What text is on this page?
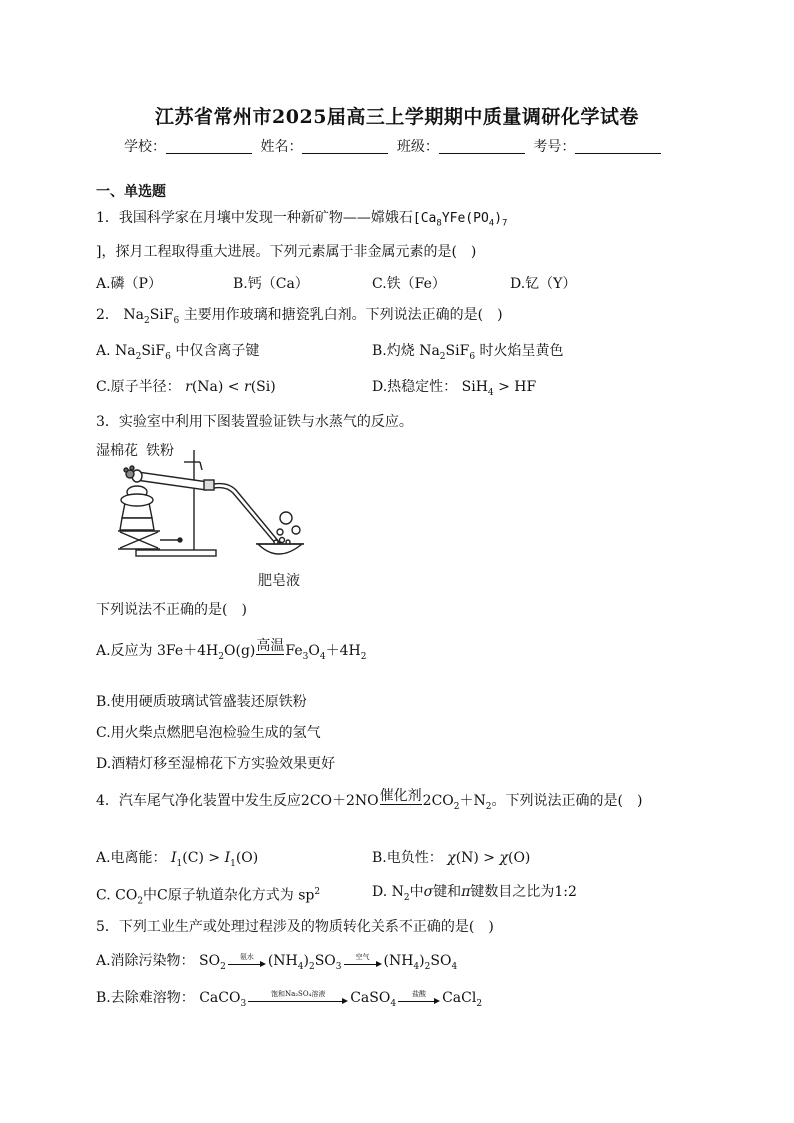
江苏省常州市2025届高三上学期期中质量调研化学试卷
学校：	姓名：	班级：	考号：
一、单选题
1．我国科学家在月壤中发现一种新矿物——嫦娥石[$Ca_8YFe(PO_4)_7$
]，探月工程取得重大进展。下列元素属于非金属元素的是(　)
A.磷（P）	B.钙（Ca）	C.铁（Fe）	D.钇（Y）
2． $Na_2SiF_6$ 主要用作玻璃和搪瓷乳白剂。下列说法正确的是(　)
A. $Na_2SiF_6$ 中仅含离子键	B.灼烧 $Na_2SiF_6$ 时火焰呈黄色
C.原子半径： r(Na) < r(Si)	D.热稳定性： SiH$_4$ > HF
3．实验室中利用下图装置验证铁与水蒸气的反应。
湿棉花 铁粉
肥皂液
下列说法不正确的是(　)
A.反应为 $3Fe+4H_2O(g)$ 高温
$Fe_3O_4+4H_2$
B.使用硬质玻璃试管盛装还原铁粉
C.用火柴点燃肥皂泡检验生成的氢气
D.酒精灯移至湿棉花下方实验效果更好
4．汽车尾气净化装置中发生反应2CO＋2NO 催化剂
$2CO_2+N_2$。下列说法正确的是(　)
A.电离能： $I_1(C) > I_1(O)$	B.电负性： χ(N) > χ(O)
C. $CO_2$中C原子轨道杂化方式为 $sp^2$	D. $N_2$中σ键和π键数目之比为1:2
5．下列工业生产或处理过程涉及的物质转化关系不正确的是(　)
A.消除污染物： $SO_2$
氨水	$(NH_4)_2SO_3$
空气	$(NH_4)_2SO_4$
B.去除难溶物： CaCO$_3$
饱和Na₂SO₄溶液	CaSO$_4$
盐酸	CaCl$_2$
